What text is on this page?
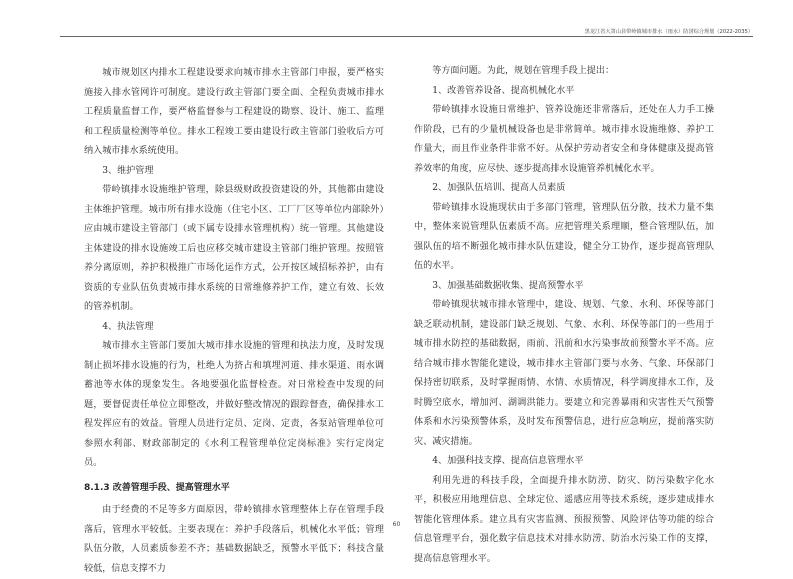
黑龙江省大箐山县带岭镇城市排水（雨水）防涝综合规划（2022-2035）

城市规划区内排水工程建设要求向城市排水主管部门申报，要严格实施接入排水管网许可制度。建设行政主管部门要全面、全程负责城市排水工程质量监督工作，要严格监督参与工程建设的勘察、设计、施工、监理和工程质量检测等单位。排水工程竣工要由建设行政主管部门验收后方可纳入城市排水系统使用。

3、维护管理

带岭镇排水设施维护管理，除县级财政投资建设的外，其他都由建设主体维护管理。城市所有排水设施（住宅小区、工厂厂区等单位内部除外）应由城市建设主管部门（或下属专设排水管理机构）统一管理。其他建设主体建设的排水设施竣工后也应移交城市建设主管部门维护管理。按照管养分离原则，养护积极推广市场化运作方式，公开按区域招标养护，由有资质的专业队伍负责城市排水系统的日常维修养护工作，建立有效、长效的管养机制。

4、执法管理

城市排水主管部门要加大城市排水设施的管理和执法力度，及时发现制止损坏排水设施的行为，杜绝人为挤占和填埋河道、排水渠道、雨水调蓄池等水体的现象发生。各地要强化监督检查。对日常检查中发现的问题，要督促责任单位立即整改，并做好整改情况的跟踪督查，确保排水工程发挥应有的效益。管理人员进行定员、定岗、定责，各泵站管理单位可参照水利部、财政部制定的《水利工程管理单位定岗标准》实行定岗定员。

8.1.3 改善管理手段、提高管理水平

由于经费的不足等多方面原因，带岭镇排水管理整体上存在管理手段落后，管理水平较低。主要表现在：养护手段落后，机械化水平低；管理队伍分散，人员素质参差不齐；基础数据缺乏，预警水平低下；科技含量较低，信息支撑不力

等方面问题。为此，规划在管理手段上提出：

1、改善管养设备、提高机械化水平

带岭镇排水设施日常维护、管养设施还非常落后，还处在人力手工操作阶段，已有的少量机械设备也是非常简单。城市排水设施维修、养护工作量大，而且作业条件非常不好。从保护劳动者安全和身体健康及提高管养效率的角度，应尽快、逐步提高排水设施管养机械化水平。

2、加强队伍培训、提高人员素质

带岭镇排水设施现状由于多部门管理，管理队伍分散，技术力量不集中，整体来说管理队伍素质不高。应把管理关系理顺，整合管理队伍，加强队伍的培不断强化城市排水队伍建设，健全分工协作，逐步提高管理队伍的水平。

3、加强基础数据收集、提高预警水平

带岭镇现状城市排水管理中，建设、规划、气象、水利、环保等部门缺乏联动机制，建设部门缺乏规划、气象、水利、环保等部门的一些用于城市排水防控的基础数据，雨前、汛前和水污染事故前预警水平不高。应结合城市排水智能化建设，城市排水主管部门要与水务、气象、环保部门保持密切联系，及时掌握雨情、水情、水质情况，科学调度排水工作，及时腾空底水，增加河、湖调洪能力。要建立和完善暴雨和灾害性天气预警体系和水污染预警体系，及时发布预警信息，进行应急响应，提前落实防灾、减灾措施。

4、加强科技支撑、提高信息管理水平

利用先进的科技手段，全面提升排水防涝、防灾、防污染数字化水平，积极应用地理信息、全球定位、遥感应用等技术系统，逐步建成排水智能化管理体系。建立具有灾害监测、预报预警、风险评估等功能的综合信息管理平台，强化数字信息技术对排水防涝、防治水污染工作的支撑，提高信息管理水平。

60
